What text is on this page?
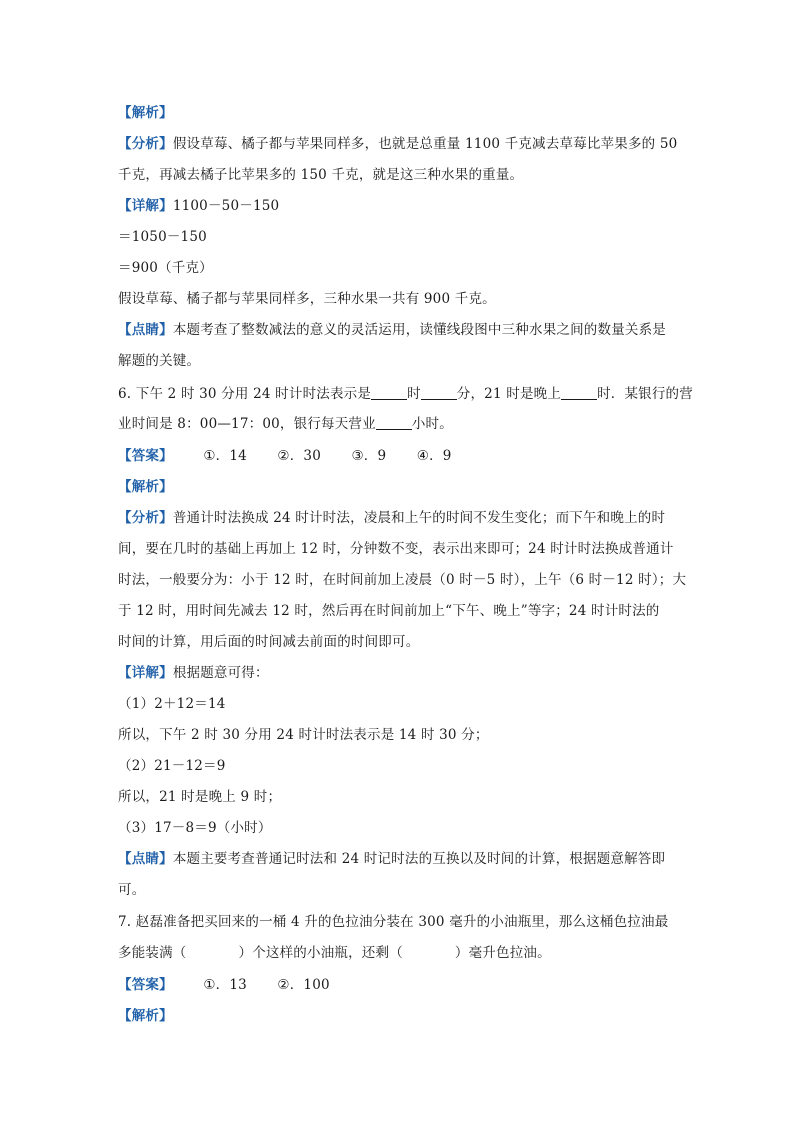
【解析】
【分析】假设草莓、橘子都与苹果同样多，也就是总重量 1100 千克减去草莓比苹果多的 50
千克，再减去橘子比苹果多的 150 千克，就是这三种水果的重量。
【详解】1100－50－150
＝1050－150
＝900（千克）
假设草莓、橘子都与苹果同样多，三种水果一共有 900 千克。
【点睛】本题考查了整数减法的意义的灵活运用，读懂线段图中三种水果之间的数量关系是
解题的关键。
6. 下午 2 时 30 分用 24 时计时法表示是	时	分，21 时是晚上	时．某银行的营
业时间是 8：00—17：00，银行每天营业	小时。
【答案】 ①．14 ②．30 ③．9 ④．9
【解析】
【分析】普通计时法换成 24 时计时法，凌晨和上午的时间不发生变化；而下午和晚上的时
间，要在几时的基础上再加上 12 时，分钟数不变，表示出来即可；24 时计时法换成普通计
时法，一般要分为：小于 12 时，在时间前加上凌晨（0 时－5 时），上午（6 时－12 时）；大
于 12 时，用时间先减去 12 时，然后再在时间前加上“下午、晚上”等字；24 时计时法的
时间的计算，用后面的时间减去前面的时间即可。
【详解】根据题意可得：
（1）2＋12＝14
所以，下午 2 时 30 分用 24 时计时法表示是 14 时 30 分；
（2）21－12＝9
所以，21 时是晚上 9 时；
（3）17－8＝9（小时）
【点睛】本题主要考查普通记时法和 24 时记时法的互换以及时间的计算，根据题意解答即
可。
7. 赵磊准备把买回来的一桶 4 升的色拉油分装在 300 毫升的小油瓶里，那么这桶色拉油最
多能装满（	）个这样的小油瓶，还剩（	）毫升色拉油。
【答案】 ①．13 ②．100
【解析】
